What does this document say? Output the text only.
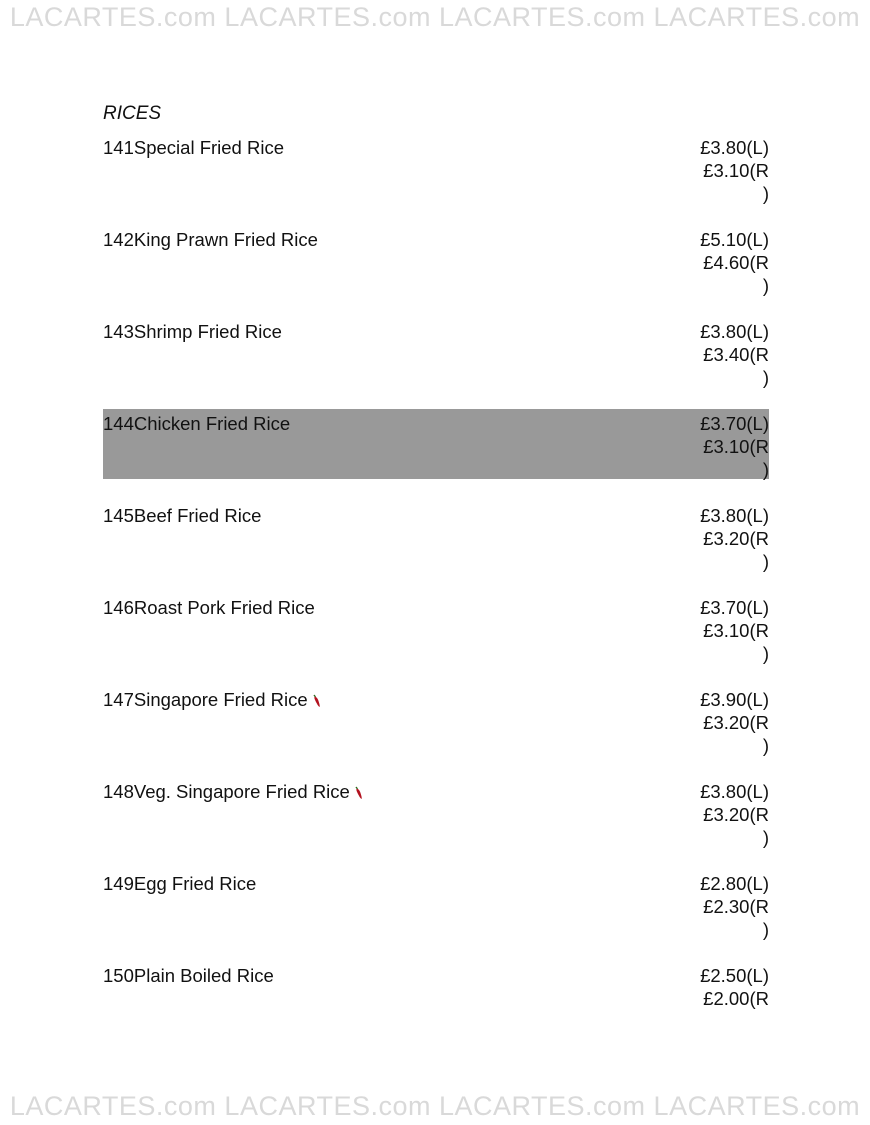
LACARTES.com LACARTES.com LACARTES.com LACARTES.com
RICES
141Special Fried Rice	£3.80(L)
£3.10(R
)
142King Prawn Fried Rice	£5.10(L)
£4.60(R
)
143Shrimp Fried Rice	£3.80(L)
£3.40(R
)
144Chicken Fried Rice	£3.70(L)
£3.10(R
)
145Beef Fried Rice	£3.80(L)
£3.20(R
)
146Roast Pork Fried Rice	£3.70(L)
£3.10(R
)
147Singapore Fried Rice	£3.90(L)
£3.20(R
)
148Veg. Singapore Fried Rice	£3.80(L)
£3.20(R
)
149Egg Fried Rice	£2.80(L)
£2.30(R
)
150Plain Boiled Rice	£2.50(L)
£2.00(R
LACARTES.com LACARTES.com LACARTES.com LACARTES.com
